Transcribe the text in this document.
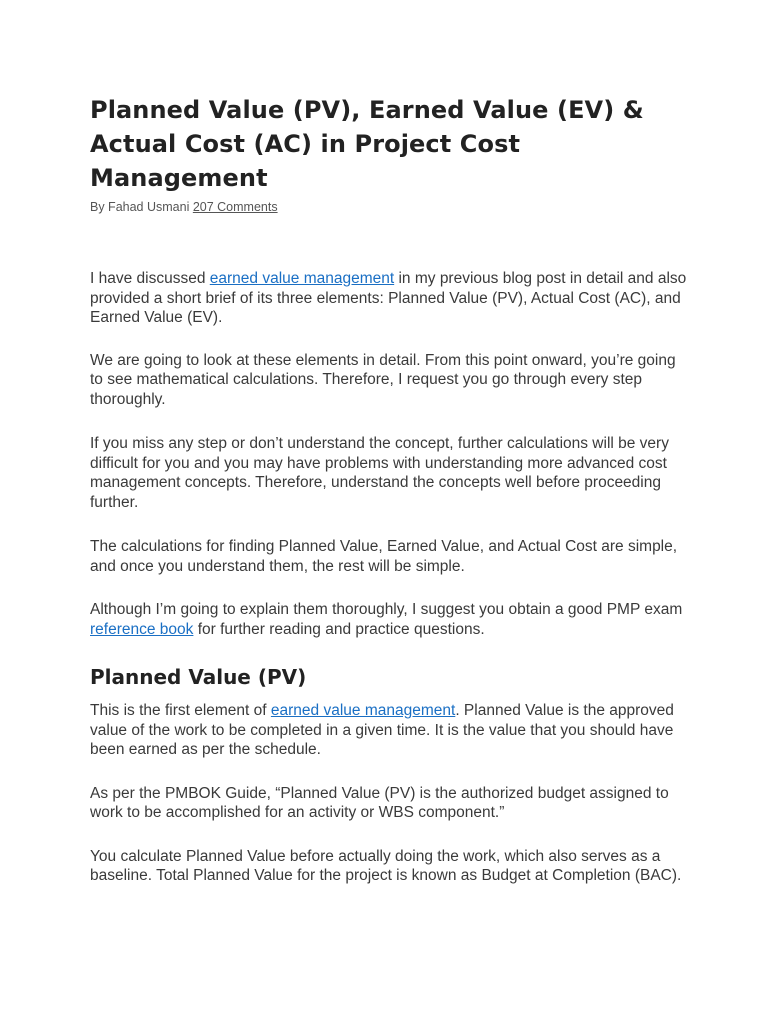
Planned Value (PV), Earned Value (EV) & Actual Cost (AC) in Project Cost Management
By Fahad Usmani 207 Comments

I have discussed earned value management in my previous blog post in detail and also provided a short brief of its three elements: Planned Value (PV), Actual Cost (AC), and Earned Value (EV).

We are going to look at these elements in detail. From this point onward, you’re going to see mathematical calculations. Therefore, I request you go through every step thoroughly.

If you miss any step or don’t understand the concept, further calculations will be very difficult for you and you may have problems with understanding more advanced cost management concepts. Therefore, understand the concepts well before proceeding further.

The calculations for finding Planned Value, Earned Value, and Actual Cost are simple, and once you understand them, the rest will be simple.

Although I’m going to explain them thoroughly, I suggest you obtain a good PMP exam reference book for further reading and practice questions.

Planned Value (PV)

This is the first element of earned value management. Planned Value is the approved value of the work to be completed in a given time. It is the value that you should have been earned as per the schedule.

As per the PMBOK Guide, “Planned Value (PV) is the authorized budget assigned to work to be accomplished for an activity or WBS component.”

You calculate Planned Value before actually doing the work, which also serves as a baseline. Total Planned Value for the project is known as Budget at Completion (BAC).
